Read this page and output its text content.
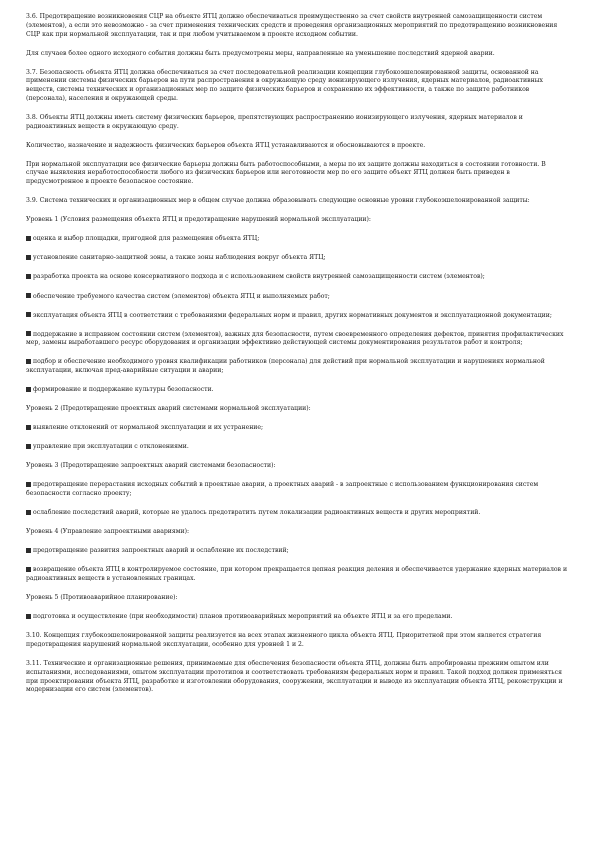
3.6. Предотвращение возникновения СЦР на объекте ЯТЦ должно обеспечиваться преимущественно за счет свойств внутренней самозащищенности систем (элементов), а если это невозможно - за счет применения технических средств и проведения организационных мероприятий по предотвращению возникновения СЦР как при нормальной эксплуатации, так и при любом учитываемом в проекте исходном событии.

Для случаев более одного исходного события должны быть предусмотрены меры, направленные на уменьшение последствий ядерной аварии.

3.7. Безопасность объекта ЯТЦ должна обеспечиваться за счет последовательной реализации концепции глубокоэшелонированной защиты, основанной на применении системы физических барьеров на пути распространения в окружающую среду ионизирующего излучения, ядерных материалов, радиоактивных веществ, системы технических и организационных мер по защите физических барьеров и сохранению их эффективности, а также по защите работников (персонала), населения и окружающей среды.

3.8. Объекты ЯТЦ должны иметь систему физических барьеров, препятствующих распространению ионизирующего излучения, ядерных материалов и радиоактивных веществ в окружающую среду.

Количество, назначение и надежность физических барьеров объекта ЯТЦ устанавливаются и обосновываются в проекте.

При нормальной эксплуатации все физические барьеры должны быть работоспособными, а меры по их защите должны находиться в состоянии готовности. В случае выявления неработоспособности любого из физических барьеров или неготовности мер по его защите объект ЯТЦ должен быть приведен в предусмотренное в проекте безопасное состояние.

3.9. Система технических и организационных мер в общем случае должна образовывать следующие основные уровни глубокоэшелонированной защиты:

Уровень 1 (Условия размещения объекта ЯТЦ и предотвращение нарушений нормальной эксплуатации):

оценка и выбор площадки, пригодной для размещения объекта ЯТЦ;

установление санитарно-защитной зоны, а также зоны наблюдения вокруг объекта ЯТЦ;

разработка проекта на основе консервативного подхода и с использованием свойств внутренней самозащищенности систем (элементов);

обеспечение требуемого качества систем (элементов) объекта ЯТЦ и выполняемых работ;

эксплуатация объекта ЯТЦ в соответствии с требованиями федеральных норм и правил, других нормативных документов и эксплуатационной документации;

поддержание в исправном состоянии систем (элементов), важных для безопасности, путем своевременного определения дефектов, принятия профилактических мер, замены выработавшего ресурс оборудования и организации эффективно действующей системы документирования результатов работ и контроля;

подбор и обеспечение необходимого уровня квалификации работников (персонала) для действий при нормальной эксплуатации и нарушениях нормальной эксплуатации, включая пред-аварийные ситуации и аварии;

формирование и поддержание культуры безопасности.

Уровень 2 (Предотвращение проектных аварий системами нормальной эксплуатации):

выявление отклонений от нормальной эксплуатации и их устранение;

управление при эксплуатации с отклонениями.

Уровень 3 (Предотвращение запроектных аварий системами безопасности):

предотвращение перерастания исходных событий в проектные аварии, а проектных аварий - в запроектные с использованием функционирования систем безопасности согласно проекту;

ослабление последствий аварий, которые не удалось предотвратить путем локализации радиоактивных веществ и других мероприятий.

Уровень 4 (Управление запроектными авариями):

предотвращение развития запроектных аварий и ослабление их последствий;

возвращение объекта ЯТЦ в контролируемое состояние, при котором прекращается цепная реакция деления и обеспечивается удержание ядерных материалов и радиоактивных веществ в установленных границах.

Уровень 5 (Противоаварийное планирование):

подготовка и осуществление (при необходимости) планов противоаварийных мероприятий на объекте ЯТЦ и за его пределами.

3.10. Концепция глубокоэшелонированной защиты реализуется на всех этапах жизненного цикла объекта ЯТЦ. Приоритетной при этом является стратегия предотвращения нарушений нормальной эксплуатации, особенно для уровней 1 и 2.

3.11. Технические и организационные решения, принимаемые для обеспечения безопасности объекта ЯТЦ, должны быть апробированы прежним опытом или испытаниями, исследованиями, опытом эксплуатации прототипов и соответствовать требованиям федеральных норм и правил. Такой подход должен применяться при проектировании объекта ЯТЦ, разработке и изготовлении оборудования, сооружении, эксплуатации и выводе из эксплуатации объекта ЯТЦ, реконструкции и модернизации его систем (элементов).
